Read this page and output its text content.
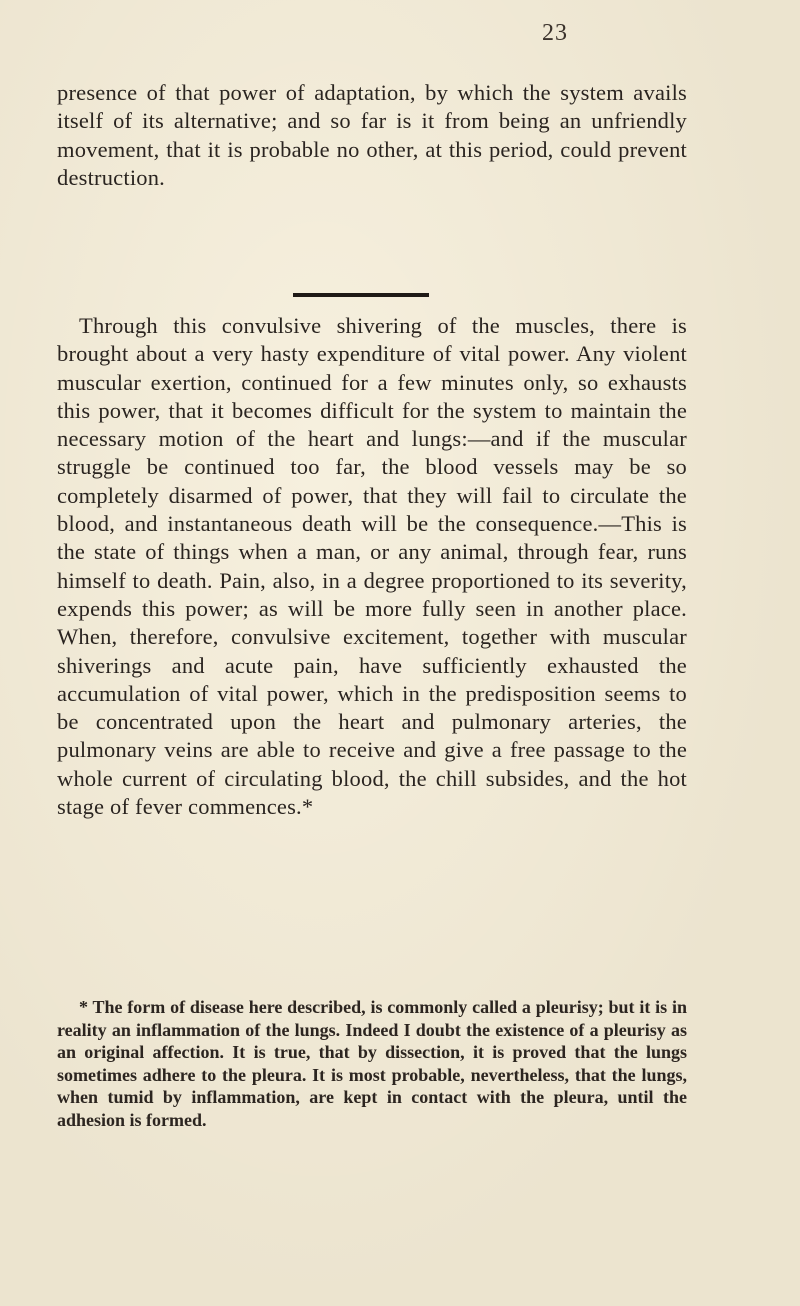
23

presence of that power of adaptation, by which the system avails itself of its alternative; and so far is it from being an unfriendly movement, that it is probable no other, at this period, could prevent destruction.

Through this convulsive shivering of the muscles, there is brought about a very hasty expenditure of vital power. Any violent muscular exertion, continued for a few minutes only, so exhausts this power, that it becomes difficult for the system to maintain the necessary motion of the heart and lungs:—and if the muscular struggle be continued too far, the blood vessels may be so completely disarmed of power, that they will fail to circulate the blood, and instantaneous death will be the consequence.—This is the state of things when a man, or any animal, through fear, runs himself to death. Pain, also, in a degree proportioned to its severity, expends this power; as will be more fully seen in another place. When, therefore, convulsive excitement, together with muscular shiverings and acute pain, have sufficiently exhausted the accumulation of vital power, which in the predisposition seems to be concentrated upon the heart and pulmonary arteries, the pulmonary veins are able to receive and give a free passage to the whole current of circulating blood, the chill subsides, and the hot stage of fever commences.*

* The form of disease here described, is commonly called a pleurisy; but it is in reality an inflammation of the lungs. Indeed I doubt the existence of a pleurisy as an original affection. It is true, that by dissection, it is proved that the lungs sometimes adhere to the pleura. It is most probable, nevertheless, that the lungs, when tumid by inflammation, are kept in contact with the pleura, until the adhesion is formed.
